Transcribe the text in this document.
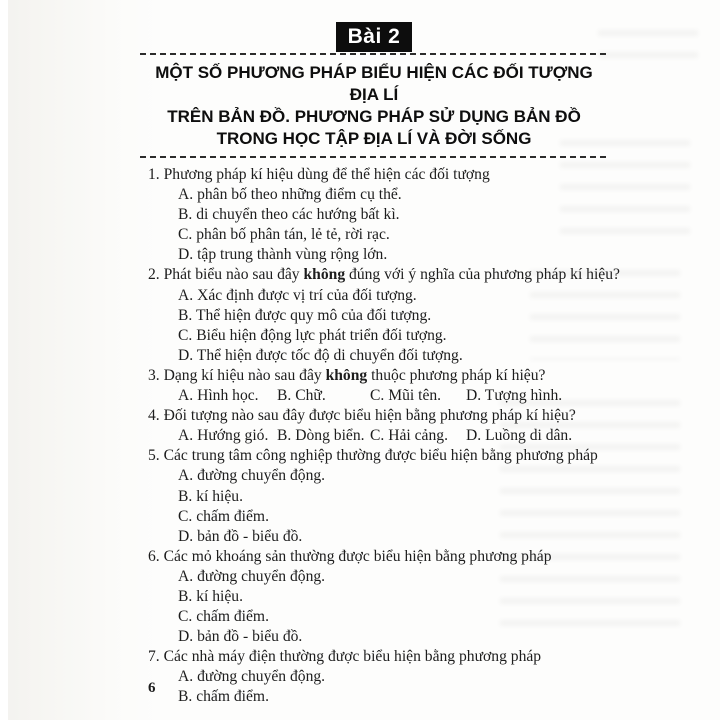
Bài 2
MỘT SỐ PHƯƠNG PHÁP BIỂU HIỆN CÁC ĐỐI TƯỢNG ĐỊA LÍ
TRÊN BẢN ĐỒ. PHƯƠNG PHÁP SỬ DỤNG BẢN ĐỒ
TRONG HỌC TẬP ĐỊA LÍ VÀ ĐỜI SỐNG
1. Phương pháp kí hiệu dùng để thể hiện các đối tượng
A. phân bố theo những điểm cụ thể.
B. di chuyển theo các hướng bất kì.
C. phân bố phân tán, lẻ tẻ, rời rạc.
D. tập trung thành vùng rộng lớn.
2. Phát biểu nào sau đây không đúng với ý nghĩa của phương pháp kí hiệu?
A. Xác định được vị trí của đối tượng.
B. Thể hiện được quy mô của đối tượng.
C. Biểu hiện động lực phát triển đối tượng.
D. Thể hiện được tốc độ di chuyển đối tượng.
3. Dạng kí hiệu nào sau đây không thuộc phương pháp kí hiệu?
A. Hình học. B. Chữ.	C. Mũi tên. D. Tượng hình.
4. Đối tượng nào sau đây được biểu hiện bằng phương pháp kí hiệu?
A. Hướng gió. B. Dòng biển. C. Hải cảng. D. Luồng di dân.
5. Các trung tâm công nghiệp thường được biểu hiện bằng phương pháp
A. đường chuyển động.
B. kí hiệu.
C. chấm điểm.
D. bản đồ - biểu đồ.
6. Các mỏ khoáng sản thường được biểu hiện bằng phương pháp
A. đường chuyển động.
B. kí hiệu.
C. chấm điểm.
D. bản đồ - biểu đồ.
7. Các nhà máy điện thường được biểu hiện bằng phương pháp
A. đường chuyển động.
B. chấm điểm.
6
